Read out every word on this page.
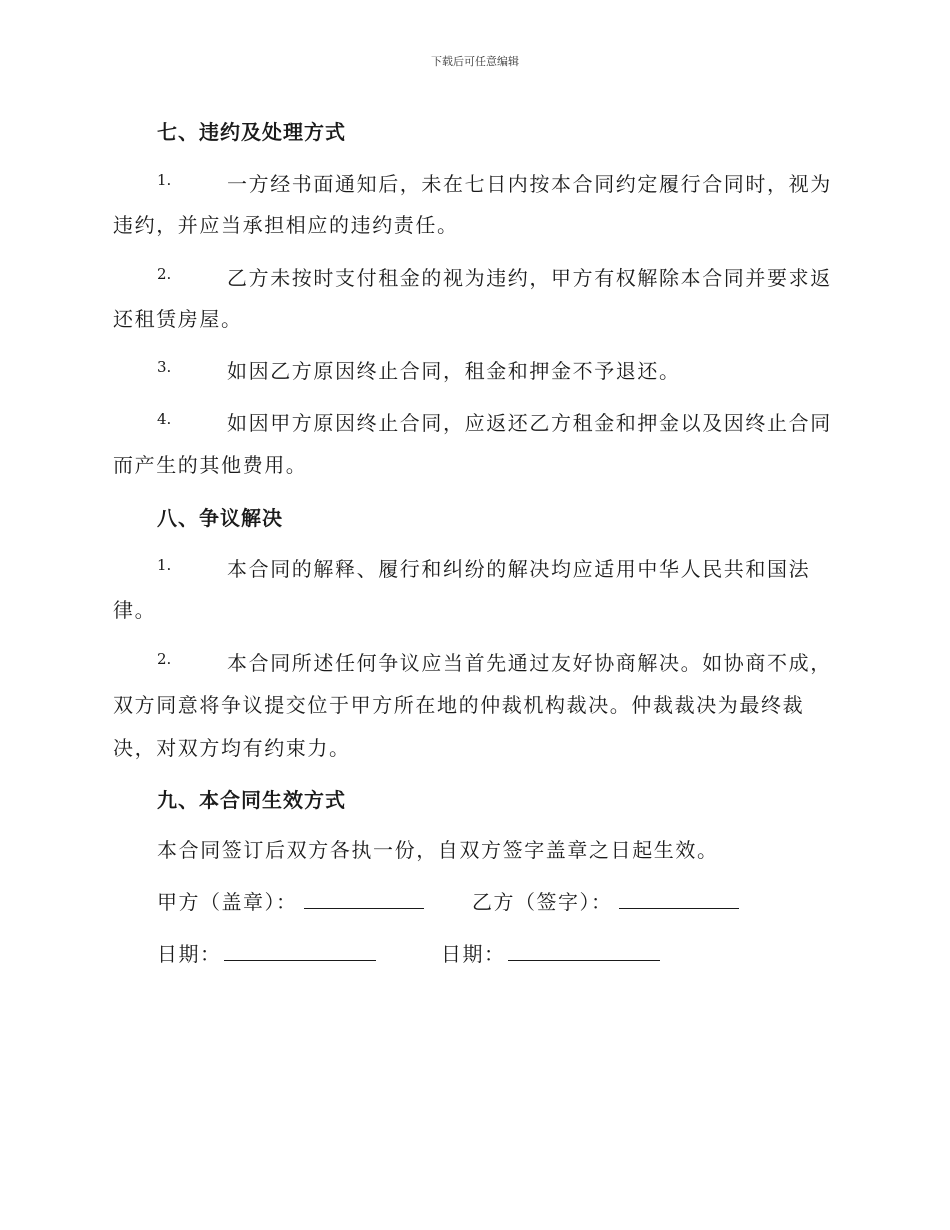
下载后可任意编辑
七、违约及处理方式
1.	一方经书面通知后，未在七日内按本合同约定履行合同时，视为
违约，并应当承担相应的违约责任。
2.	乙方未按时支付租金的视为违约，甲方有权解除本合同并要求返
还租赁房屋。
3.	如因乙方原因终止合同，租金和押金不予退还。
4.	如因甲方原因终止合同，应返还乙方租金和押金以及因终止合同
而产生的其他费用。
八、争议解决
1.	本合同的解释、履行和纠纷的解决均应适用中华人民共和国法
律。
2.	本合同所述任何争议应当首先通过友好协商解决。如协商不成，
双方同意将争议提交位于甲方所在地的仲裁机构裁决。仲裁裁决为最终裁
决，对双方均有约束力。
九、本合同生效方式
本合同签订后双方各执一份，自双方签字盖章之日起生效。
甲方（盖章）：	乙方（签字）：
日期：	日期：
